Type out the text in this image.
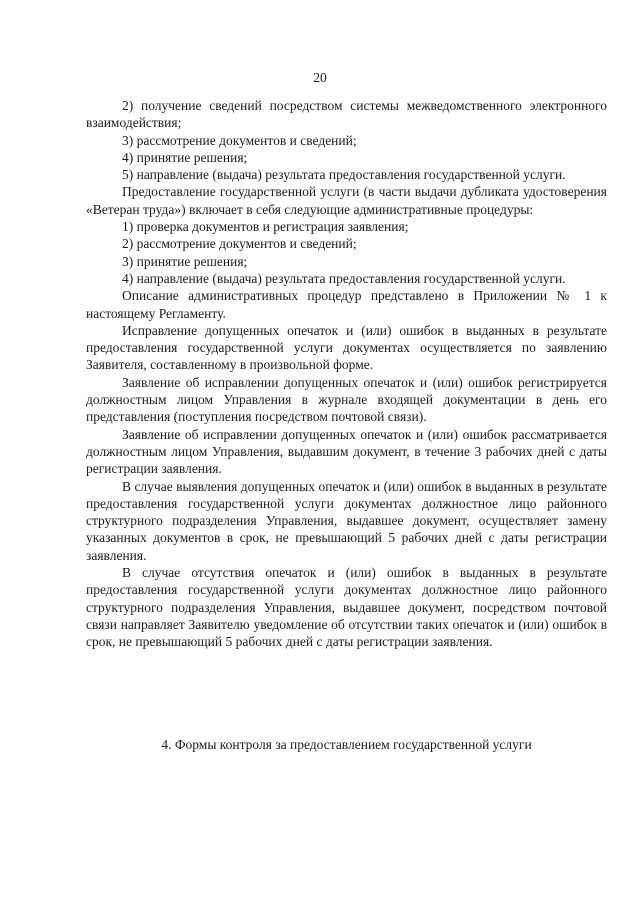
20

2) получение сведений посредством системы межведомственного электронного взаимодействия;

3) рассмотрение документов и сведений;

4) принятие решения;

5) направление (выдача) результата предоставления государственной услуги.

Предоставление государственной услуги (в части выдачи дубликата удостоверения «Ветеран труда») включает в себя следующие административные процедуры:

1) проверка документов и регистрация заявления;

2) рассмотрение документов и сведений;

3) принятие решения;

4) направление (выдача) результата предоставления государственной услуги.

Описание административных процедур представлено в Приложении № 1 к настоящему Регламенту.

Исправление допущенных опечаток и (или) ошибок в выданных в результате предоставления государственной услуги документах осуществляется по заявлению Заявителя, составленному в произвольной форме.

Заявление об исправлении допущенных опечаток и (или) ошибок регистрируется должностным лицом Управления в журнале входящей документации в день его представления (поступления посредством почтовой связи).

Заявление об исправлении допущенных опечаток и (или) ошибок рассматривается должностным лицом Управления, выдавшим документ, в течение 3 рабочих дней с даты регистрации заявления.

В случае выявления допущенных опечаток и (или) ошибок в выданных в результате предоставления государственной услуги документах должностное лицо районного структурного подразделения Управления, выдавшее документ, осуществляет замену указанных документов в срок, не превышающий 5 рабочих дней с даты регистрации заявления.

В случае отсутствия опечаток и (или) ошибок в выданных в результате предоставления государственной услуги документах должностное лицо районного структурного подразделения Управления, выдавшее документ, посредством почтовой связи направляет Заявителю уведомление об отсутствии таких опечаток и (или) ошибок в срок, не превышающий 5 рабочих дней с даты регистрации заявления.

4. Формы контроля за предоставлением государственной услуги
